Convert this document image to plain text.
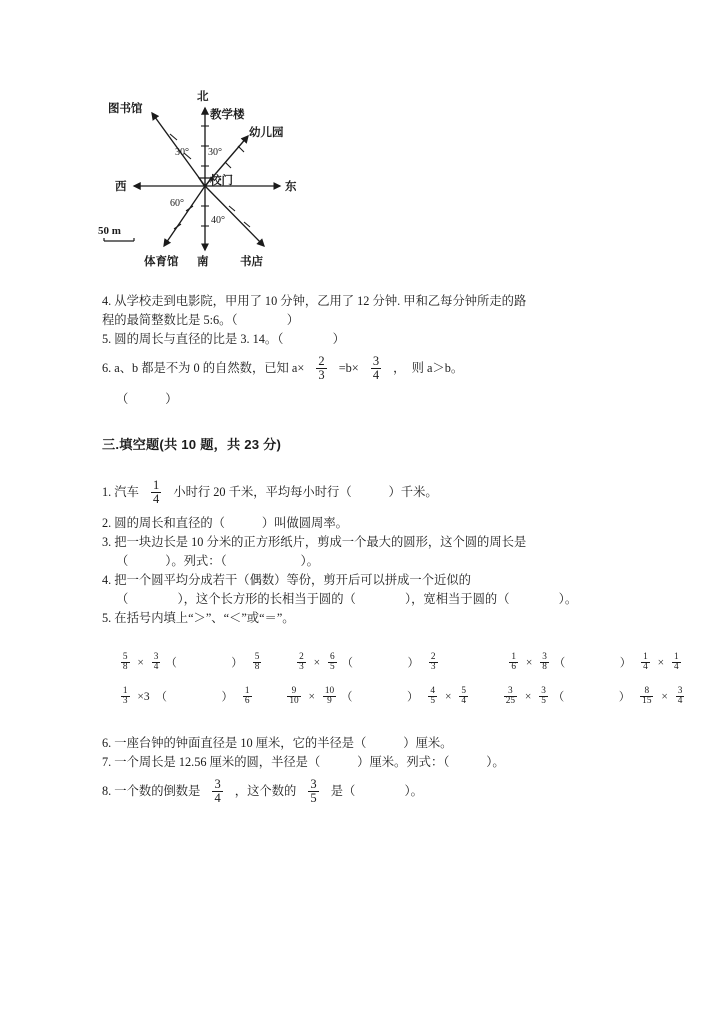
北
南
东
西
教学楼
图书馆
幼儿园
体育馆	书店
校门
50 m
30° 30°
60°
40°
4. 从学校走到电影院，甲用了 10 分钟，乙用了 12 分钟. 甲和乙每分钟所走的路
程的最简整数比是 5:6。（　　　　）
5. 圆的周长与直径的比是 3. 14。（　　　　）
6. a、b 都是不为 0 的自然数，已知 $a\times \frac{2}{3} =b\times \frac{3}{4}$ ，　则 a＞b。
（　　　）
三.填空题(共 10 题，共 23 分)
1. 汽车 $\frac{1}{4}$ 小时行 20 千米，平均每小时行（　　　）千米。
2. 圆的周长和直径的（　　　）叫做圆周率。
3. 把一块边长是 10 分米的正方形纸片，剪成一个最大的圆形，这个圆的周长是
（　　　）。列式：（　　　　　　）。
4. 把一个圆平均分成若干（偶数）等份，剪开后可以拼成一个近似的
（　　　　），这个长方形的长相当于圆的（　　　　），宽相当于圆的（　　　　）。
5. 在括号内填上“＞”、“＜”或“＝”。

$\frac{5}{8} \times \frac{3}{4}$ （　　　） $\frac{5}{8}$
	$\frac{2}{3} \times \frac{6}{5}$ （　　　） $\frac{2}{3}$
	$\frac{1}{6} \times \frac{3}{8}$ （　　　） $\frac{1}{4} \times \frac{1}{4}$

$\frac{1}{3} \times 3$ （　　　） $\frac{1}{6}$
	$\frac{9}{10} \times \frac{10}{9}$ （　　　） $\frac{4}{5} \times \frac{5}{4}$
	$\frac{3}{25} \times \frac{3}{5}$ （　　　） $\frac{8}{15} \times \frac{3}{4}$
6. 一座台钟的钟面直径是 10 厘米，它的半径是（　　　）厘米。
7. 一个周长是 12.56 厘米的圆，半径是（　　　）厘米。列式：（　　　）。
8. 一个数的倒数是 $\frac{3}{4}$ ，这个数的 $\frac{3}{5}$ 是（　　　　）。
